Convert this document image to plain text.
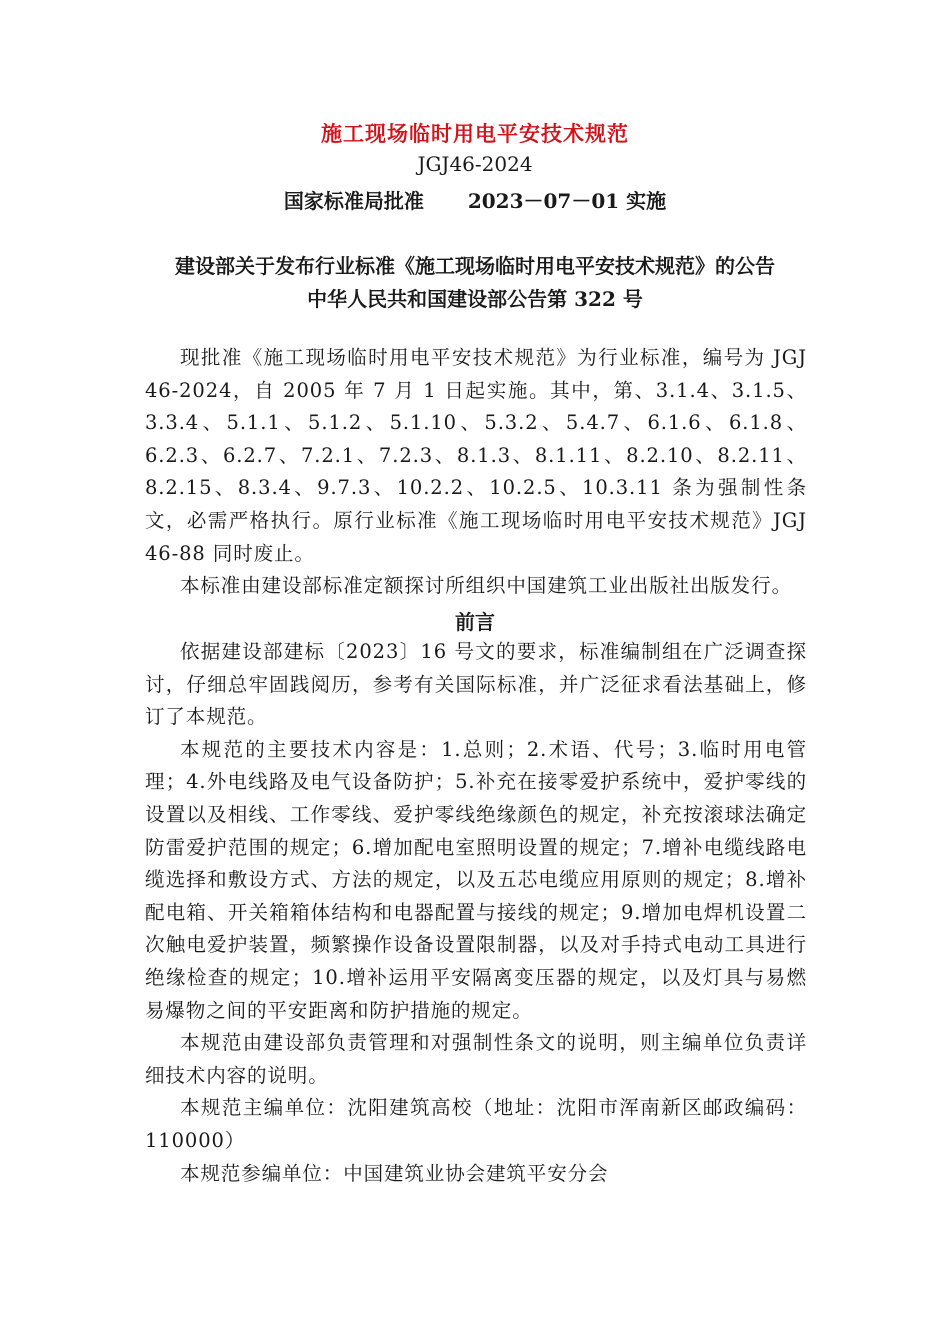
施工现场临时用电平安技术规范
JGJ46-2024
国家标准局批准 2023－07－01 实施
建设部关于发布行业标准《施工现场临时用电平安技术规范》的公告
中华人民共和国建设部公告第 322 号

现批准《施工现场临时用电平安技术规范》为行业标准，编号为 JGJ 46-2024，自 2005 年 7 月 1 日起实施。其中，第、3.1.4、3.1.5、3.3.4、5.1.1、5.1.2、5.1.10、5.3.2、5.4.7、6.1.6、6.1.8、6.2.3、6.2.7、7.2.1、7.2.3、8.1.3、8.1.11、8.2.10、8.2.11、8.2.15、8.3.4、9.7.3、10.2.2、10.2.5、10.3.11 条为强制性条文，必需严格执行。原行业标准《施工现场临时用电平安技术规范》JGJ 46-88 同时废止。

本标准由建设部标准定额探讨所组织中国建筑工业出版社出版发行。

前言

依据建设部建标〔2023〕16 号文的要求，标准编制组在广泛调查探讨，仔细总牢固践阅历，参考有关国际标准，并广泛征求看法基础上，修订了本规范。

本规范的主要技术内容是：1.总则；2.术语、代号；3.临时用电管理；4.外电线路及电气设备防护；5.补充在接零爱护系统中，爱护零线的设置以及相线、工作零线、爱护零线绝缘颜色的规定，补充按滚球法确定防雷爱护范围的规定；6.增加配电室照明设置的规定；7.增补电缆线路电缆选择和敷设方式、方法的规定，以及五芯电缆应用原则的规定；8.增补配电箱、开关箱箱体结构和电器配置与接线的规定；9.增加电焊机设置二次触电爱护装置，频繁操作设备设置限制器，以及对手持式电动工具进行绝缘检查的规定；10.增补运用平安隔离变压器的规定，以及灯具与易燃易爆物之间的平安距离和防护措施的规定。

本规范由建设部负责管理和对强制性条文的说明，则主编单位负责详细技术内容的说明。

本规范主编单位：沈阳建筑高校（地址：沈阳市浑南新区邮政编码：110000）

本规范参编单位：中国建筑业协会建筑平安分会
